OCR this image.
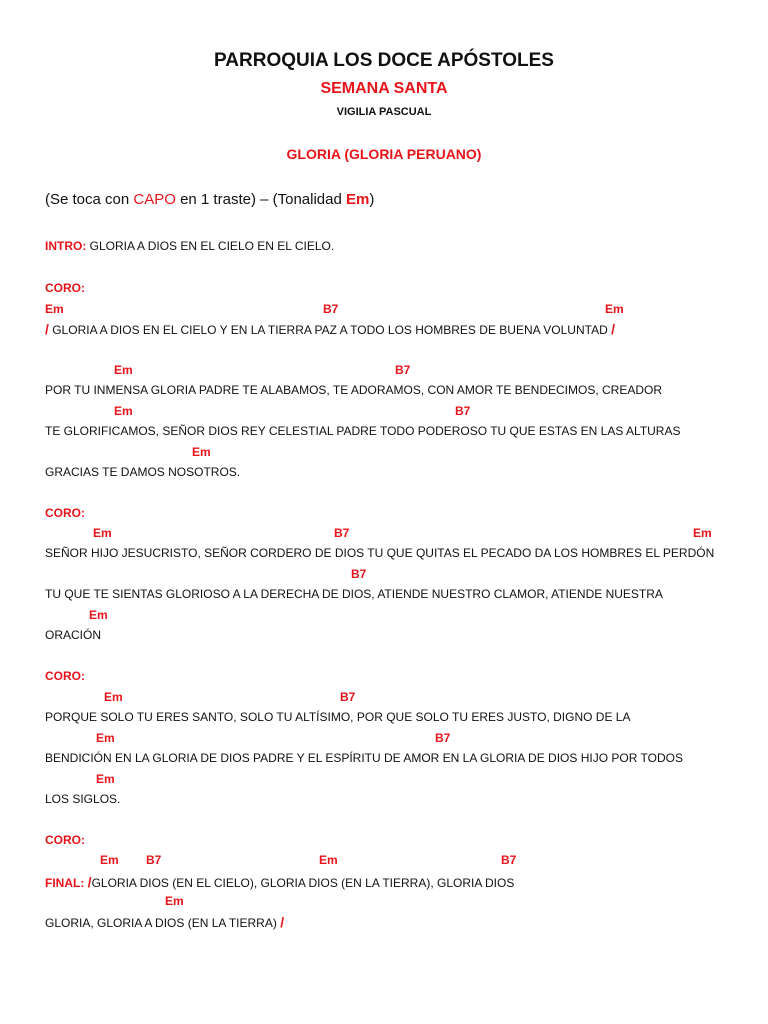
PARROQUIA LOS DOCE APÓSTOLES
SEMANA SANTA
VIGILIA PASCUAL
GLORIA (GLORIA PERUANO)
(Se toca con CAPO en 1 traste) – (Tonalidad Em)
INTRO: GLORIA A DIOS EN EL CIELO EN EL CIELO.
CORO:
Em	B7	Em
/ GLORIA A DIOS EN EL CIELO Y EN LA TIERRA PAZ A TODO LOS HOMBRES DE BUENA VOLUNTAD /
Em	B7
POR TU INMENSA GLORIA PADRE TE ALABAMOS, TE ADORAMOS, CON AMOR TE BENDECIMOS, CREADOR
Em	B7
TE GLORIFICAMOS, SEÑOR DIOS REY CELESTIAL PADRE TODO PODEROSO TU QUE ESTAS EN LAS ALTURAS
Em
GRACIAS TE DAMOS NOSOTROS.
CORO:
Em	B7	Em
SEÑOR HIJO JESUCRISTO, SEÑOR CORDERO DE DIOS TU QUE QUITAS EL PECADO DA LOS HOMBRES EL PERDÓN
B7
TU QUE TE SIENTAS GLORIOSO A LA DERECHA DE DIOS, ATIENDE NUESTRO CLAMOR, ATIENDE NUESTRA
Em
ORACIÓN
CORO:
Em	B7
PORQUE SOLO TU ERES SANTO, SOLO TU ALTÍSIMO, POR QUE SOLO TU ERES JUSTO, DIGNO DE LA
Em	B7
BENDICIÓN EN LA GLORIA DE DIOS PADRE Y EL ESPÍRITU DE AMOR EN LA GLORIA DE DIOS HIJO POR TODOS
Em
LOS SIGLOS.
CORO:
Em B7	Em	B7
FINAL: /GLORIA DIOS (EN EL CIELO), GLORIA DIOS (EN LA TIERRA), GLORIA DIOS
Em
GLORIA, GLORIA A DIOS (EN LA TIERRA) /
